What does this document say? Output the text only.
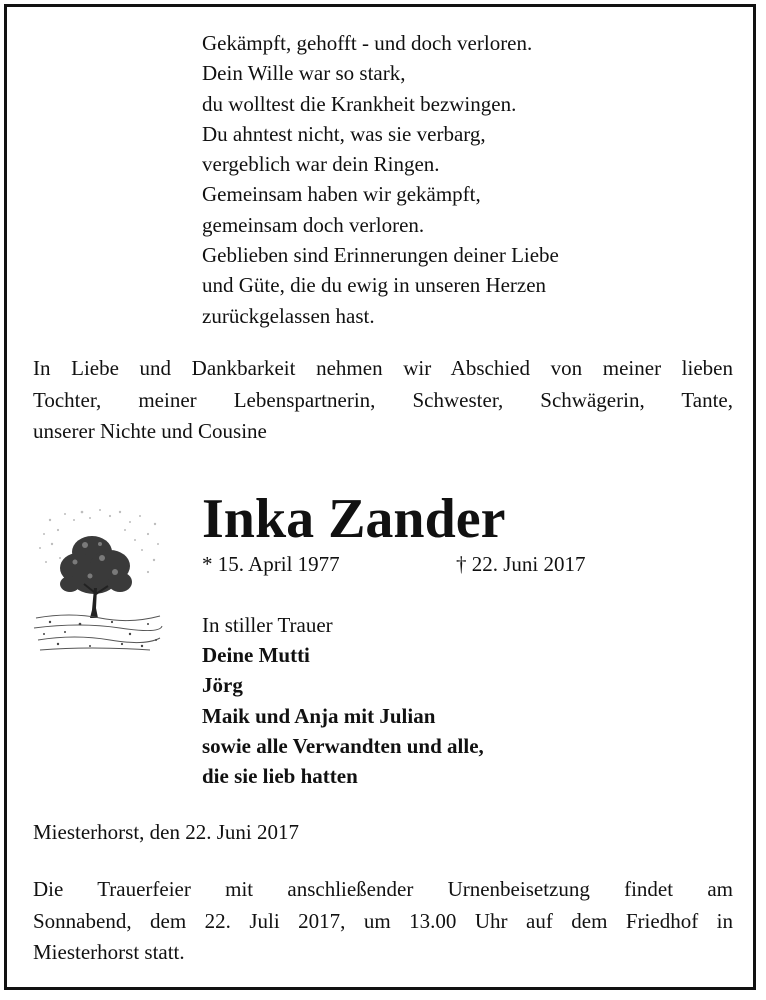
Gekämpft, gehofft - und doch verloren.
Dein Wille war so stark,
du wolltest die Krankheit bezwingen.
Du ahntest nicht, was sie verbarg,
vergeblich war dein Ringen.
Gemeinsam haben wir gekämpft,
gemeinsam doch verloren.
Geblieben sind Erinnerungen deiner Liebe
und Güte, die du ewig in unseren Herzen
zurückgelassen hast.
In Liebe und Dankbarkeit nehmen wir Abschied von meiner lieben
Tochter, meiner Lebenspartnerin, Schwester, Schwägerin, Tante,
unserer Nichte und Cousine
Inka Zander
* 15. April 1977	† 22. Juni 2017
In stiller Trauer
Deine Mutti
Jörg
Maik und Anja mit Julian
sowie alle Verwandten und alle,
die sie lieb hatten
Miesterhorst, den 22. Juni 2017
Die Trauerfeier mit anschließender Urnenbeisetzung findet am
Sonnabend, dem 22. Juli 2017, um 13.00 Uhr auf dem Friedhof in
Miesterhorst statt.
